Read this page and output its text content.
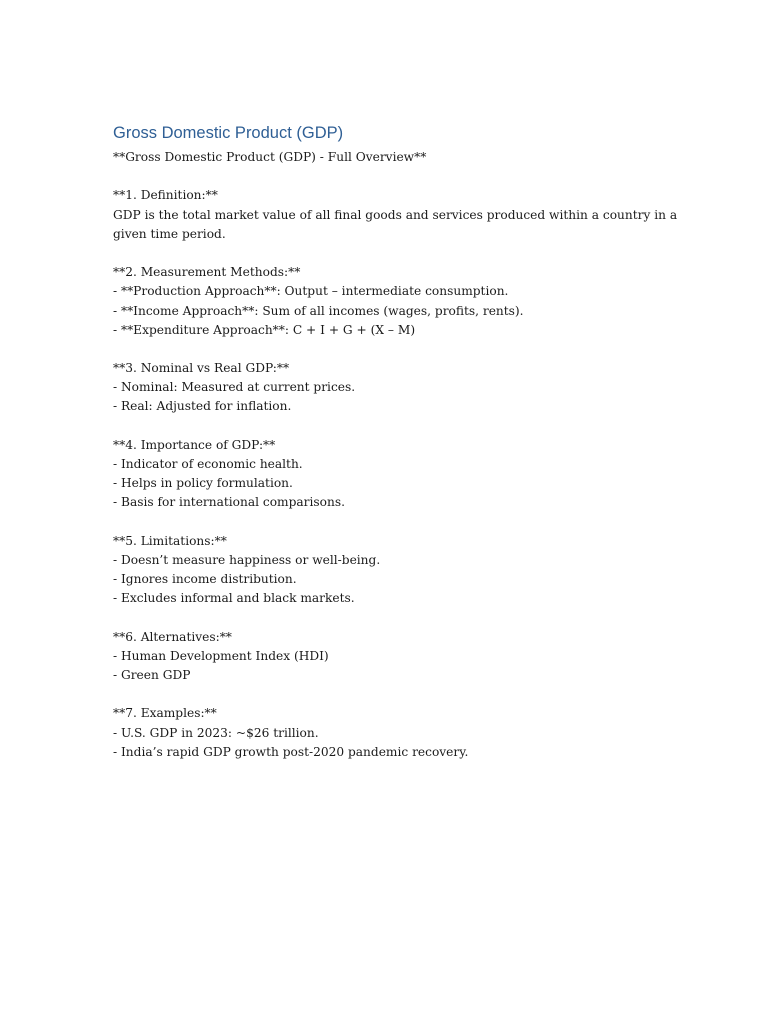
Gross Domestic Product (GDP)
**Gross Domestic Product (GDP) - Full Overview**
**1. Definition:**
GDP is the total market value of all final goods and services produced within a country in a
given time period.
**2. Measurement Methods:**
- **Production Approach**: Output – intermediate consumption.
- **Income Approach**: Sum of all incomes (wages, profits, rents).
- **Expenditure Approach**: C + I + G + (X – M)
**3. Nominal vs Real GDP:**
- Nominal: Measured at current prices.
- Real: Adjusted for inflation.
**4. Importance of GDP:**
- Indicator of economic health.
- Helps in policy formulation.
- Basis for international comparisons.
**5. Limitations:**
- Doesn’t measure happiness or well-being.
- Ignores income distribution.
- Excludes informal and black markets.
**6. Alternatives:**
- Human Development Index (HDI)
- Green GDP
**7. Examples:**
- U.S. GDP in 2023: ~$26 trillion.
- India’s rapid GDP growth post-2020 pandemic recovery.
